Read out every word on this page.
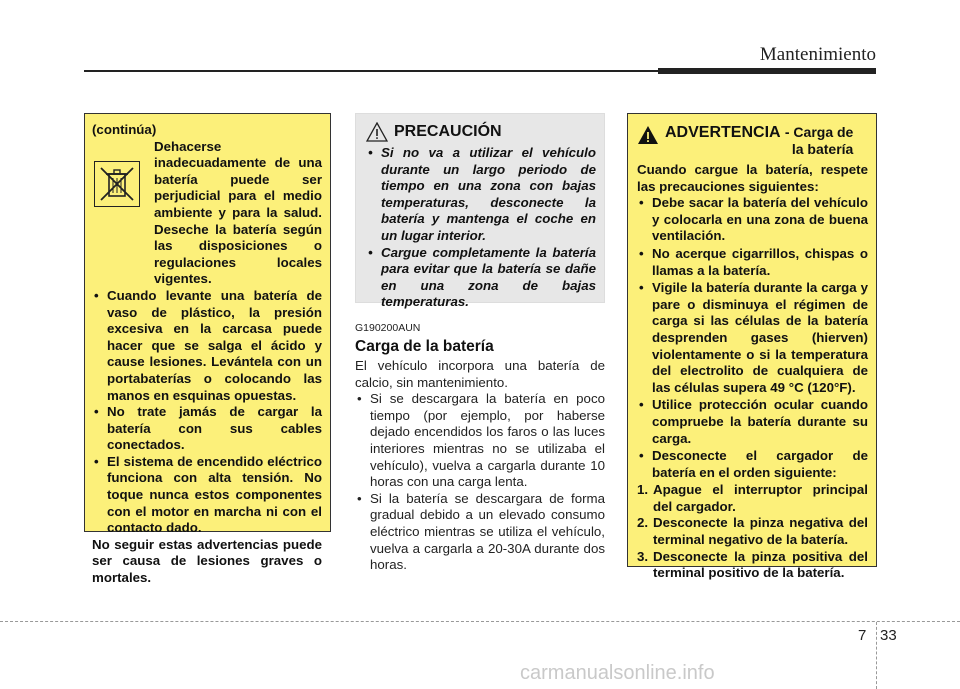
Mantenimiento

(continúa)

Dehacerse inadecuadamente de una batería puede ser perjudicial para el medio ambiente y para la salud. Deseche la batería según las disposiciones o regulaciones locales vigentes.

• Cuando levante una batería de vaso de plástico, la presión excesiva en la carcasa puede hacer que se salga el ácido y cause lesiones. Levántela con un portabaterías o colocando las manos en esquinas opuestas.
• No trate jamás de cargar la batería con sus cables conectados.
• El sistema de encendido eléctrico funciona con alta tensión. No toque nunca estos componentes con el motor en marcha ni con el contacto dado.

No seguir estas advertencias puede ser causa de lesiones graves o mortales.

PRECAUCIÓN
• Si no va a utilizar el vehículo durante un largo periodo de tiempo en una zona con bajas temperaturas, desconecte la batería y mantenga el coche en un lugar interior.
• Cargue completamente la batería para evitar que la batería se dañe en una zona de bajas temperaturas.
G190200AUN
Carga de la batería

El vehículo incorpora una batería de calcio, sin mantenimiento.

• Si se descargara la batería en poco tiempo (por ejemplo, por haberse dejado encendidos los faros o las luces interiores mientras no se utilizaba el vehículo), vuelva a cargarla durante 10 horas con una carga lenta.
• Si la batería se descargara de forma gradual debido a un elevado consumo eléctrico mientras se utiliza el vehículo, vuelva a cargarla a 20-30A durante dos horas.
ADVERTENCIA - Carga de
la batería

Cuando cargue la batería, respete las precauciones siguientes:

• Debe sacar la batería del vehículo y colocarla en una zona de buena ventilación.
• No acerque cigarrillos, chispas o llamas a la batería.
• Vigile la batería durante la carga y pare o disminuya el régimen de carga si las células de la batería desprenden gases (hierven) violentamente o si la temperatura del electrolito de cualquiera de las células supera 49 °C (120°F).
• Utilice protección ocular cuando compruebe la batería durante su carga.
• Desconecte el cargador de batería en el orden siguiente:
1. Apague el interruptor principal del cargador.
2. Desconecte la pinza negativa del terminal negativo de la batería.
3. Desconecte la pinza positiva del terminal positivo de la batería.
7 33
carmanualsonline.info
